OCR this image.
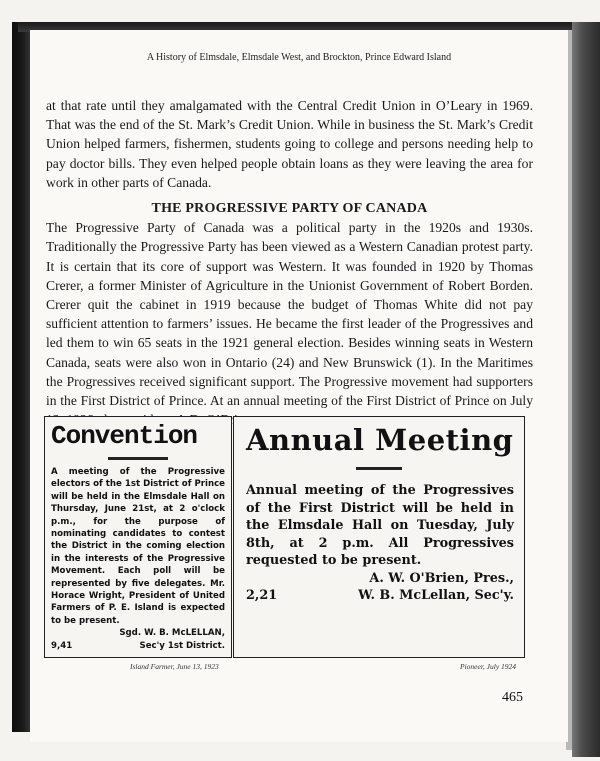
A History of Elmsdale, Elmsdale West, and Brockton, Prince Edward Island

at that rate until they amalgamated with the Central Credit Union in O’Leary in 1969. That was the end of the St. Mark’s Credit Union. While in business the St. Mark’s Credit Union helped farmers, fishermen, students going to college and persons needing help to pay doctor bills. They even helped people obtain loans as they were leaving the area for work in other parts of Canada.

THE PROGRESSIVE PARTY OF CANADA

The Progressive Party of Canada was a political party in the 1920s and 1930s. Traditionally the Progressive Party has been viewed as a Western Canadian protest party. It is certain that its core of support was Western. It was founded in 1920 by Thomas Crerer, a former Minister of Agriculture in the Unionist Government of Robert Borden. Crerer quit the cabinet in 1919 because the budget of Thomas White did not pay sufficient attention to farmers’ issues. He became the first leader of the Progressives and led them to win 65 seats in the 1921 general election. Besides winning seats in Western Canada, seats were also won in Ontario (24) and New Brunswick (1). In the Maritimes the Progressives received significant support. The Progressive movement had supporters in the First District of Prince. At an annual meeting of the First District of Prince on July

Convention
A meeting of the Progressive electors of the 1st District of Prince will be held in the Elmsdale Hall on Thursday, June 21st, at 2 o'clock p.m., for the purpose of nominating candidates to contest the District in the coming election in the interests of the Progressive Movement. Each poll will be represented by five delegates. Mr. Horace Wright, President of United Farmers of P. E. Island is expected to be present.
Sgd. W. B. McLELLAN,
9,41	Sec'y 1st District.
Annual Meeting
Annual meeting of the Progressives of the First District will be held in the Elmsdale Hall on Tuesday, July 8th, at 2 p.m. All Progressives requested to be present.
A. W. O'Brien, Pres.,
2,21	W. B. McLellan, Sec'y.
Island Farmer, June 13, 1923	Pioneer, July 1924
465
